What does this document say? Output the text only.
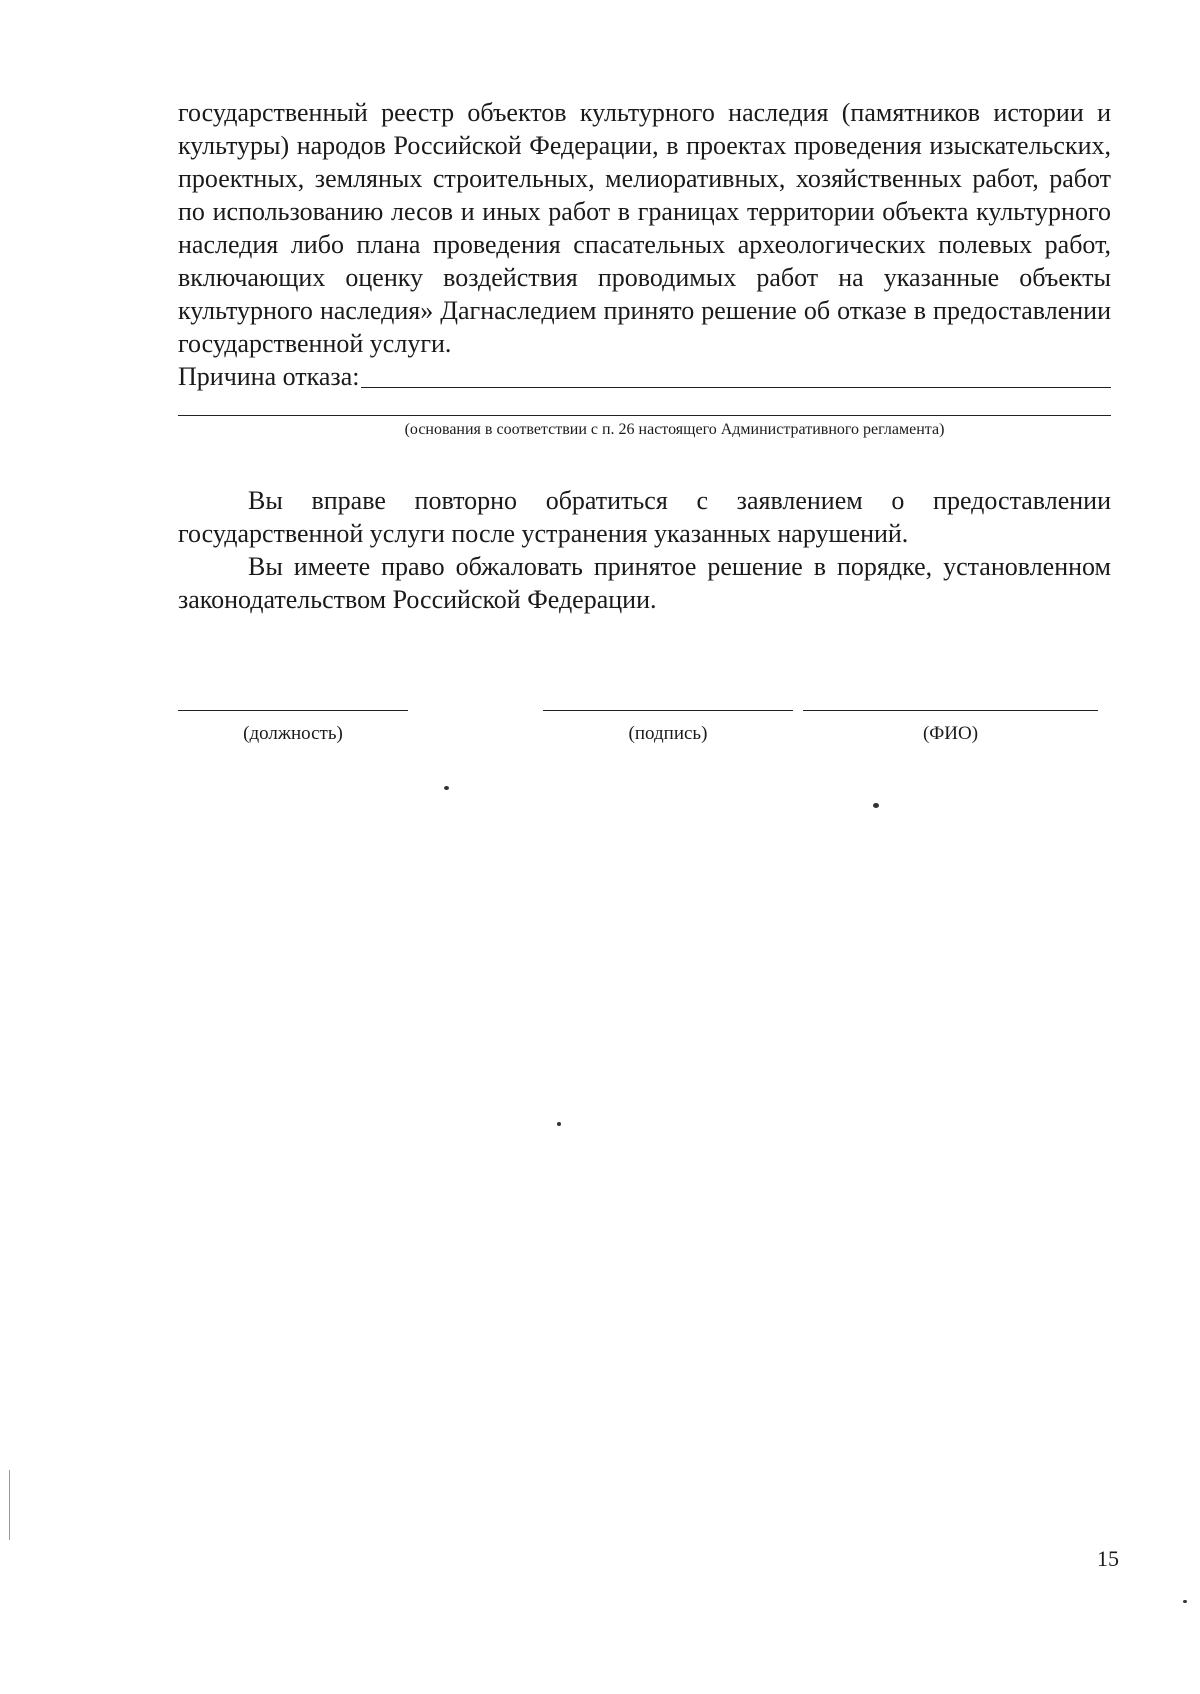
государственный реестр объектов культурного наследия (памятников истории и культуры) народов Российской Федерации, в проектах проведения изыскательских, проектных, земляных строительных, мелиоративных, хозяйственных работ, работ по использованию лесов и иных работ в границах территории объекта культурного наследия либо плана проведения спасательных археологических полевых работ, включающих оценку воздействия проводимых работ на указанные объекты культурного наследия» Дагнаследием принято решение об отказе в предоставлении государственной услуги.

Причина отказа:
(основания в соответствии с п. 26 настоящего Административного регламента)

Вы вправе повторно обратиться с заявлением о предоставлении государственной услуги после устранения указанных нарушений.

Вы имеете право обжаловать принятое решение в порядке, установленном законодательством Российской Федерации.

(должность)	(подпись)	(ФИО)
15
